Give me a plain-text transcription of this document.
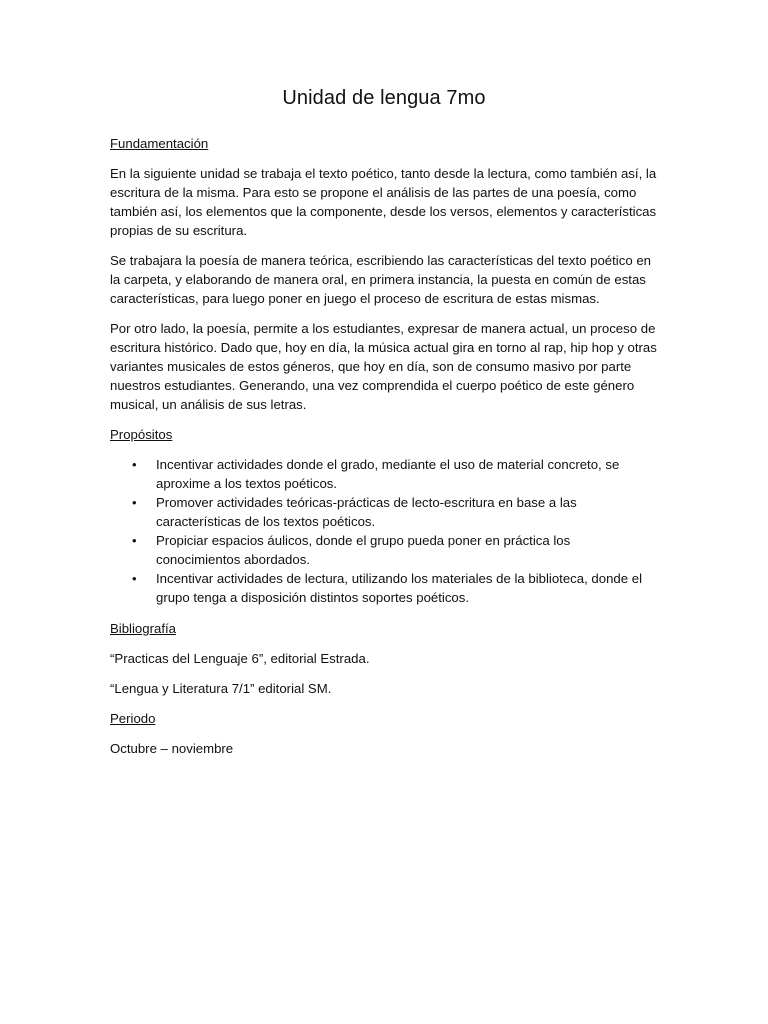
Unidad de lengua 7mo
Fundamentación

En la siguiente unidad se trabaja el texto poético, tanto desde la lectura, como también así, la escritura de la misma. Para esto se propone el análisis de las partes de una poesía, como también así, los elementos que la componente, desde los versos, elementos y características propias de su escritura.

Se trabajara la poesía de manera teórica, escribiendo las características del texto poético en la carpeta, y elaborando de manera oral, en primera instancia, la puesta en común de estas características, para luego poner en juego el proceso de escritura de estas mismas.

Por otro lado, la poesía, permite a los estudiantes, expresar de manera actual, un proceso de escritura histórico. Dado que, hoy en día, la música actual gira en torno al rap, hip hop y otras variantes musicales de estos géneros, que hoy en día, son de consumo masivo por parte nuestros estudiantes. Generando, una vez comprendida el cuerpo poético de este género musical, un análisis de sus letras.

Propósitos
• Incentivar actividades donde el grado, mediante el uso de material concreto, se aproxime a los textos poéticos.
• Promover actividades teóricas-prácticas de lecto-escritura en base a las características de los textos poéticos.
• Propiciar espacios áulicos, donde el grupo pueda poner en práctica los conocimientos abordados.
• Incentivar actividades de lectura, utilizando los materiales de la biblioteca, donde el grupo tenga a disposición distintos soportes poéticos.
Bibliografía

“Practicas del Lenguaje 6”, editorial Estrada.

“Lengua y Literatura 7/1” editorial SM.

Periodo

Octubre – noviembre
